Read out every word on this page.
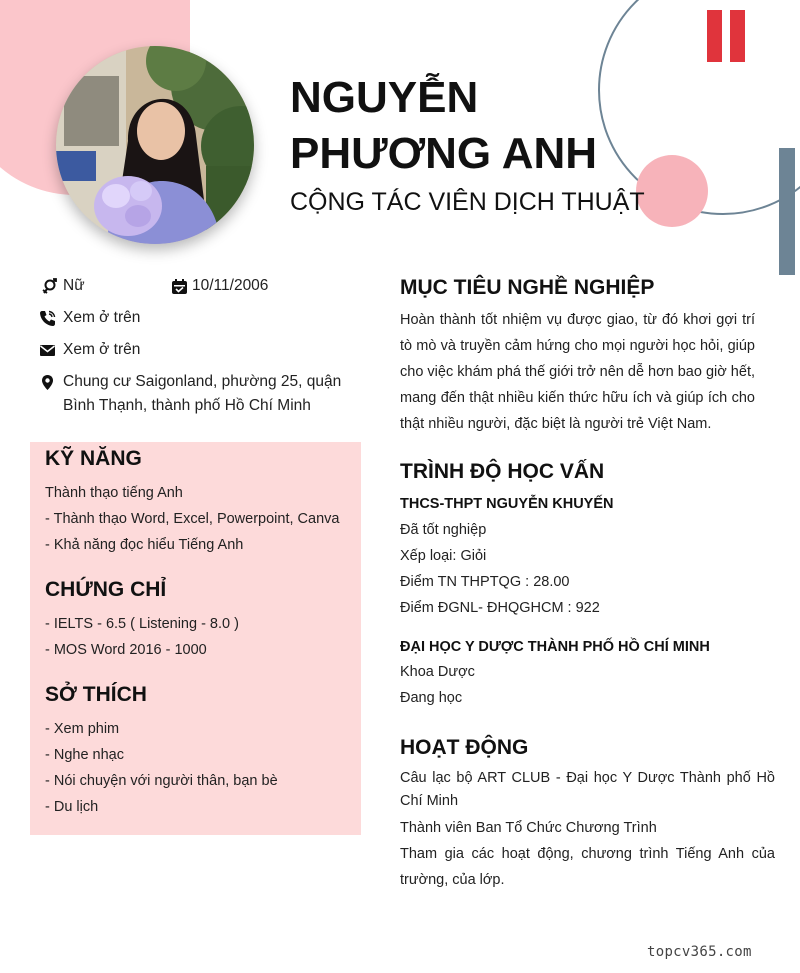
NGUYỄN
PHƯƠNG ANH
CỘNG TÁC VIÊN DỊCH THUẬT
Nữ	10/11/2006
Xem ở trên
Xem ở trên
Chung cư Saigonland, phường 25, quận
Bình Thạnh, thành phố Hồ Chí Minh
KỸ NĂNG
Thành thạo tiếng Anh
- Thành thạo Word, Excel, Powerpoint, Canva
- Khả năng đọc hiểu Tiếng Anh
CHỨNG CHỈ
- IELTS - 6.5 ( Listening - 8.0 )
- MOS Word 2016 - 1000
SỞ THÍCH
- Xem phim
- Nghe nhạc
- Nói chuyện với người thân, bạn bè
- Du lịch
MỤC TIÊU NGHỀ NGHIỆP
Hoàn thành tốt nhiệm vụ được giao, từ đó khơi gợi trí tò mò và truyền cảm hứng cho mọi người học hỏi, giúp cho việc khám phá thế giới trở nên dễ hơn bao giờ hết, mang đến thật nhiều kiến thức hữu ích và giúp ích cho thật nhiều người, đặc biệt là người trẻ Việt Nam.
TRÌNH ĐỘ HỌC VẤN
THCS-THPT NGUYỄN KHUYẾN
Đã tốt nghiệp
Xếp loại: Giỏi
Điểm TN THPTQG : 28.00
Điểm ĐGNL- ĐHQGHCM : 922
ĐẠI HỌC Y DƯỢC THÀNH PHỐ HỒ CHÍ MINH
Khoa Dược
Đang học
HOẠT ĐỘNG
Câu lạc bộ ART CLUB - Đại học Y Dược Thành phố Hồ Chí Minh
Thành viên Ban Tổ Chức Chương Trình
Tham gia các hoạt động, chương trình Tiếng Anh của trường, của lớp.
topcv365.com
